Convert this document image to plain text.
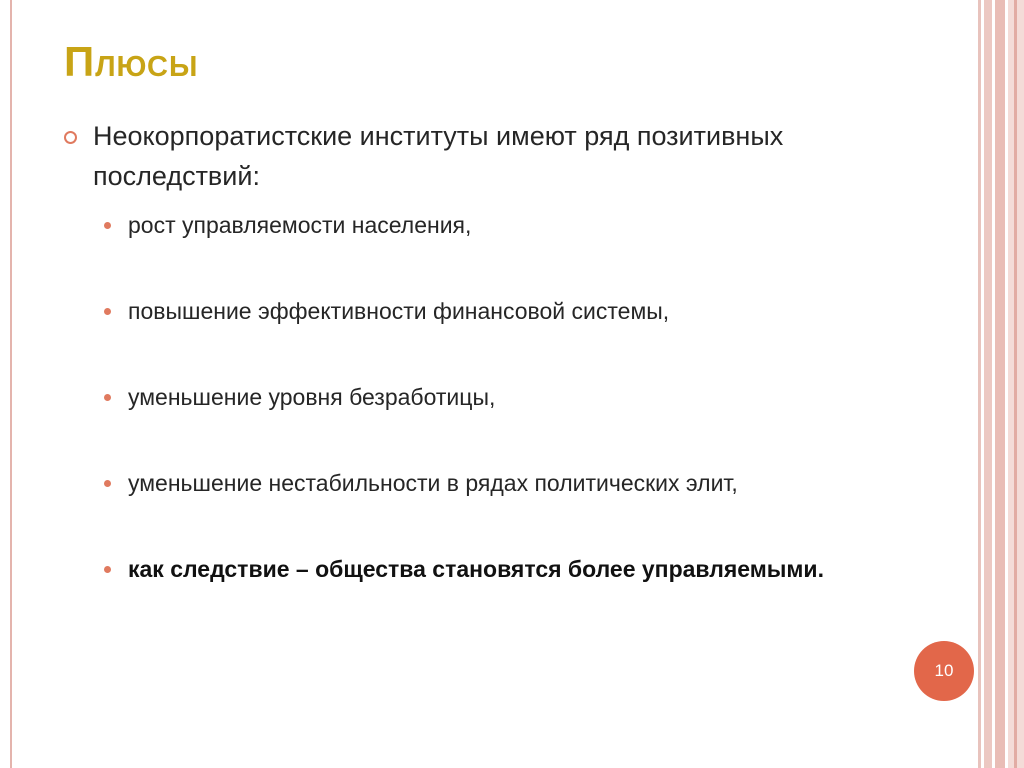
Плюсы
Неокорпоратистские институты имеют ряд позитивных последствий:
рост управляемости населения,
повышение эффективности финансовой системы,
уменьшение уровня безработицы,
уменьшение нестабильности в рядах политических элит,
как следствие – общества становятся более управляемыми.
10
